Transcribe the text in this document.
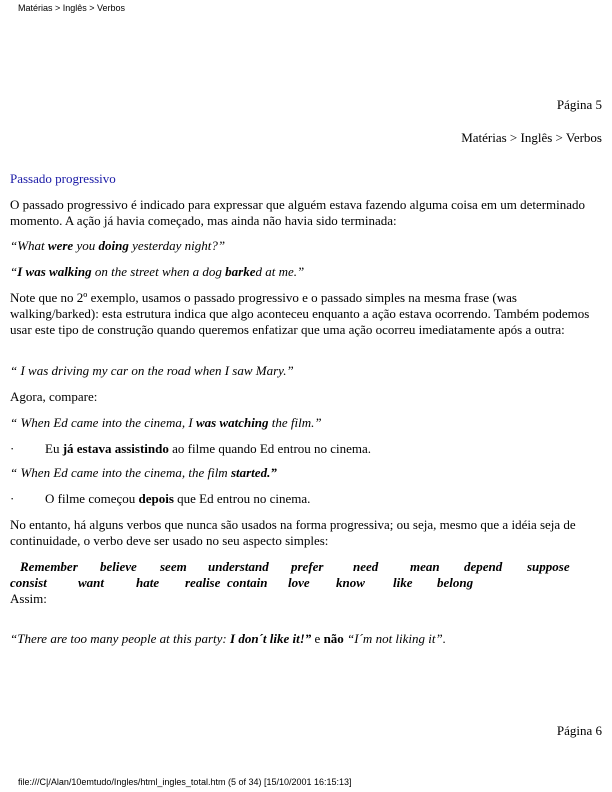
Matérias > Inglês > Verbos
Página 5
Matérias > Inglês > Verbos
Passado progressivo

O passado progressivo é indicado para expressar que alguém estava fazendo alguma coisa em um determinado momento. A ação já havia começado, mas ainda não havia sido terminada:

“What were you doing yesterday night?”

“I was walking on the street when a dog barked at me.”

Note que no 2º exemplo, usamos o passado progressivo e o passado simples na mesma frase (was walking/barked): esta estrutura indica que algo aconteceu enquanto a ação estava ocorrendo. Também podemos usar este tipo de construção quando queremos enfatizar que uma ação ocorreu imediatamente após a outra:

“ I was driving my car on the road when I saw Mary.”

Agora, compare:

“ When Ed came into the cinema, I was watching the film.”

· Eu já estava assistindo ao filme quando Ed entrou no cinema.

“ When Ed came into the cinema, the film started.”

· O filme começou depois que Ed entrou no cinema.

No entanto, há alguns verbos que nunca são usados na forma progressiva; ou seja, mesmo que a idéia seja de continuidade, o verbo deve ser usado no seu aspecto simples:

Remember believe seem understand prefer need mean depend suppose
consist want hate realise contain love know like belong

Assim:

“There are too many people at this party: I don´t like it!” e não “I´m not liking it”.

Página 6
file:///C|/Alan/10emtudo/Ingles/html_ingles_total.htm (5 of 34) [15/10/2001 16:15:13]
